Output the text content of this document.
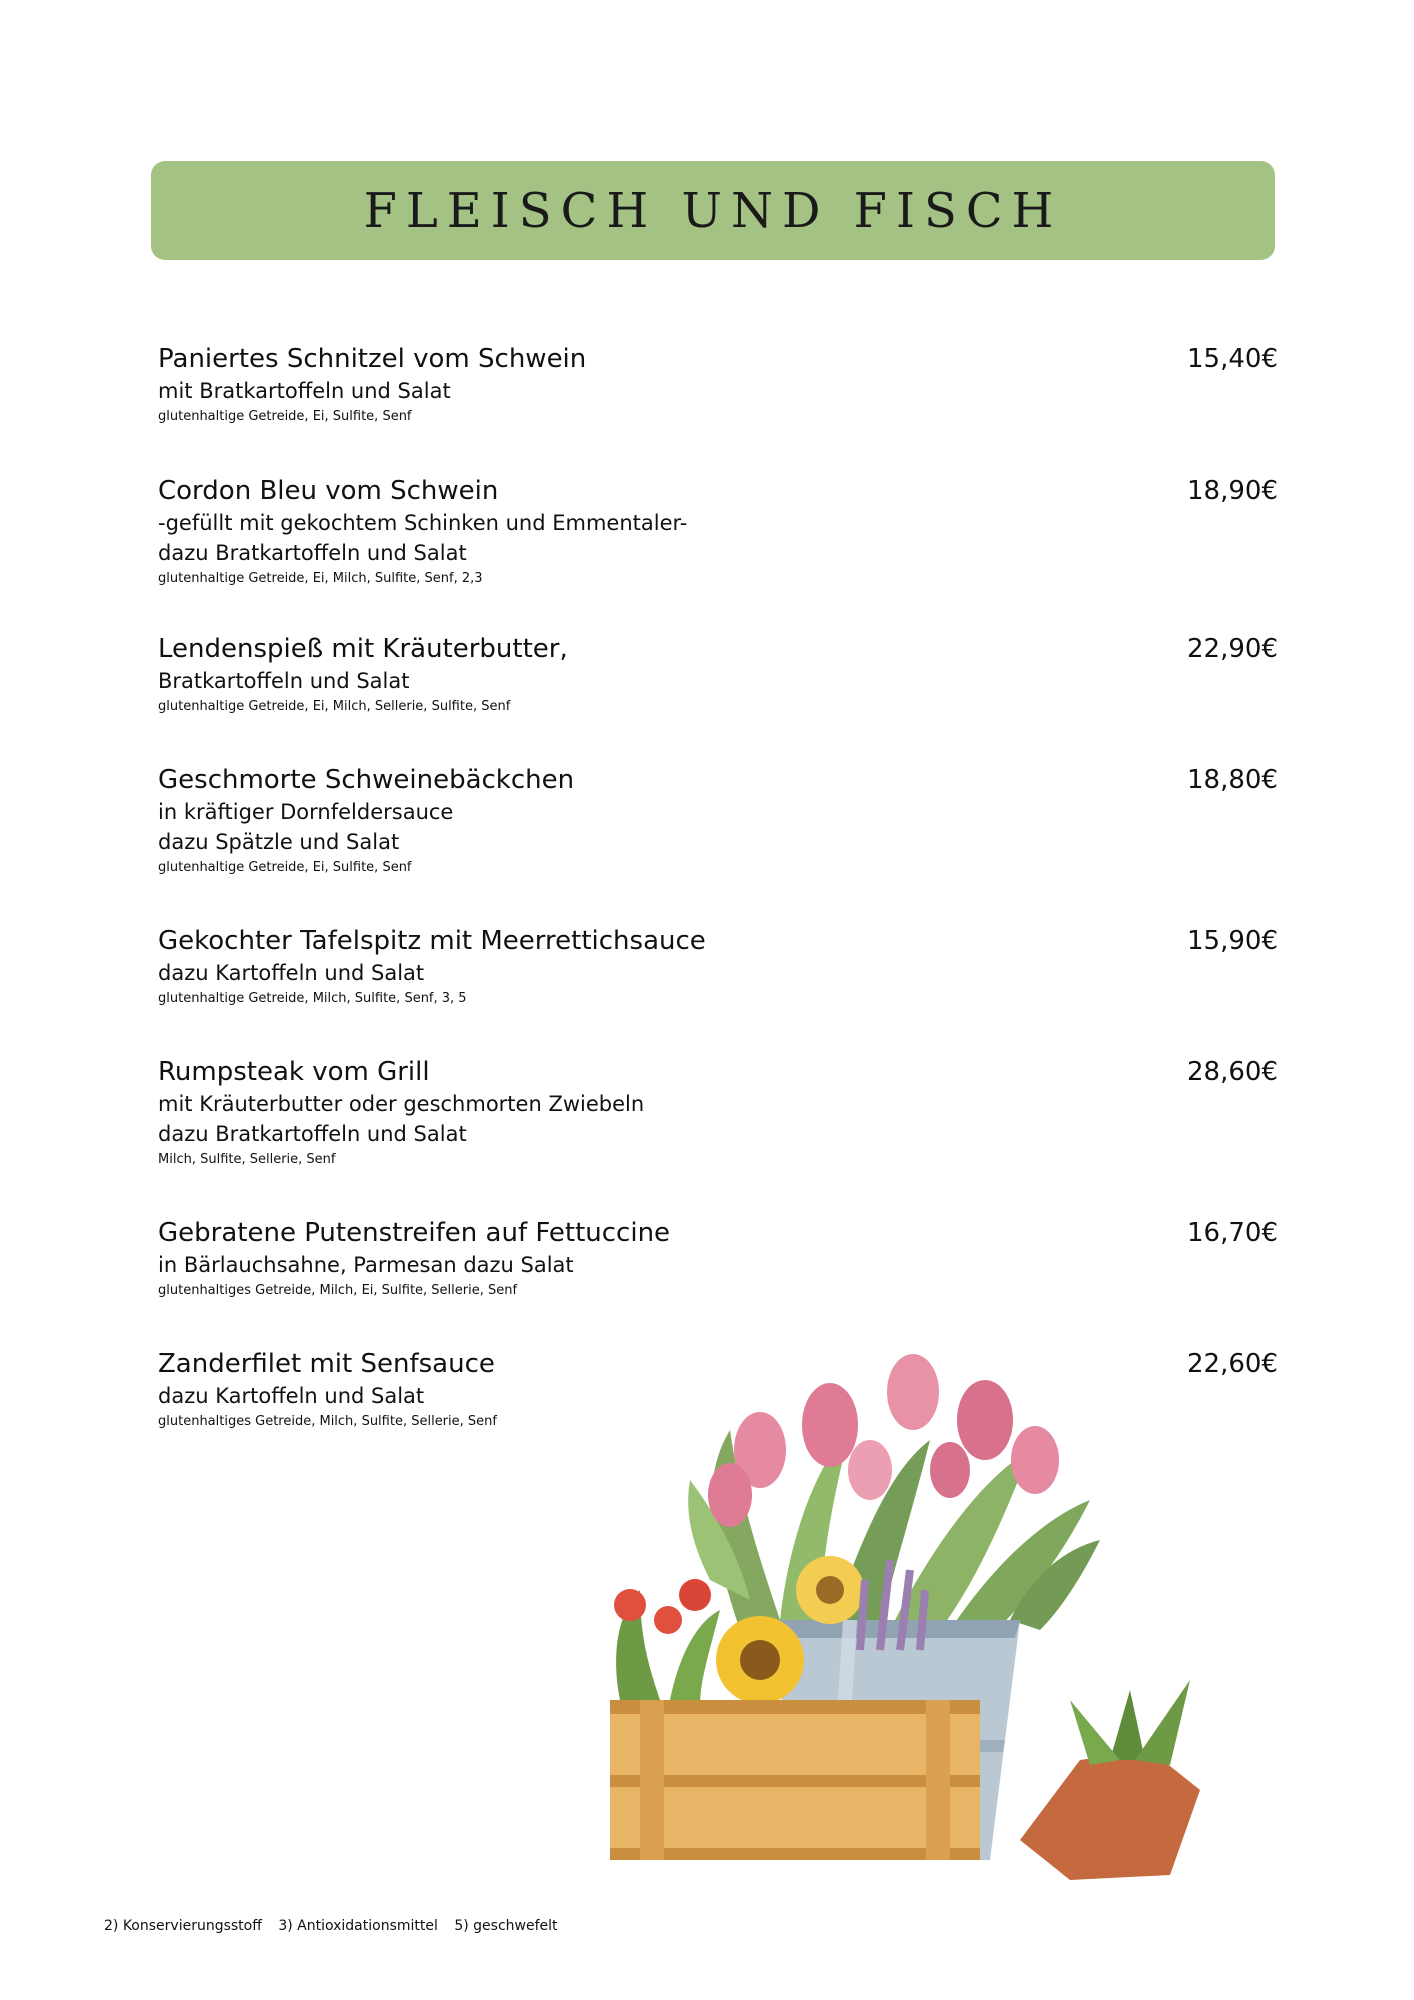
FLEISCH UND FISCH
Paniertes Schnitzel vom Schwein
mit Bratkartoffeln und Salat
glutenhaltige Getreide, Ei, Sulfite, Senf
15,40€
Cordon Bleu vom Schwein
-gefüllt mit gekochtem Schinken und Emmentaler-
dazu Bratkartoffeln und Salat
glutenhaltige Getreide, Ei, Milch, Sulfite, Senf, 2,3
18,90€
Lendenspieß mit Kräuterbutter,
Bratkartoffeln und Salat
glutenhaltige Getreide, Ei, Milch, Sellerie, Sulfite, Senf
22,90€
Geschmorte Schweinebäckchen
in kräftiger Dornfeldersauce
dazu Spätzle und Salat
glutenhaltige Getreide, Ei, Sulfite, Senf
18,80€
Gekochter Tafelspitz mit Meerrettichsauce
dazu Kartoffeln und Salat
glutenhaltige Getreide, Milch, Sulfite, Senf, 3, 5
15,90€
Rumpsteak vom Grill
mit Kräuterbutter oder geschmorten Zwiebeln
dazu Bratkartoffeln und Salat
Milch, Sulfite, Sellerie, Senf
28,60€
Gebratene Putenstreifen auf Fettuccine
in Bärlauchsahne, Parmesan dazu Salat
glutenhaltiges Getreide, Milch, Ei, Sulfite, Sellerie, Senf
16,70€
Zanderfilet mit Senfsauce
dazu Kartoffeln und Salat
glutenhaltiges Getreide, Milch, Sulfite, Sellerie, Senf
22,60€
2) Konservierungsstoff 3) Antioxidationsmittel 5) geschwefelt
